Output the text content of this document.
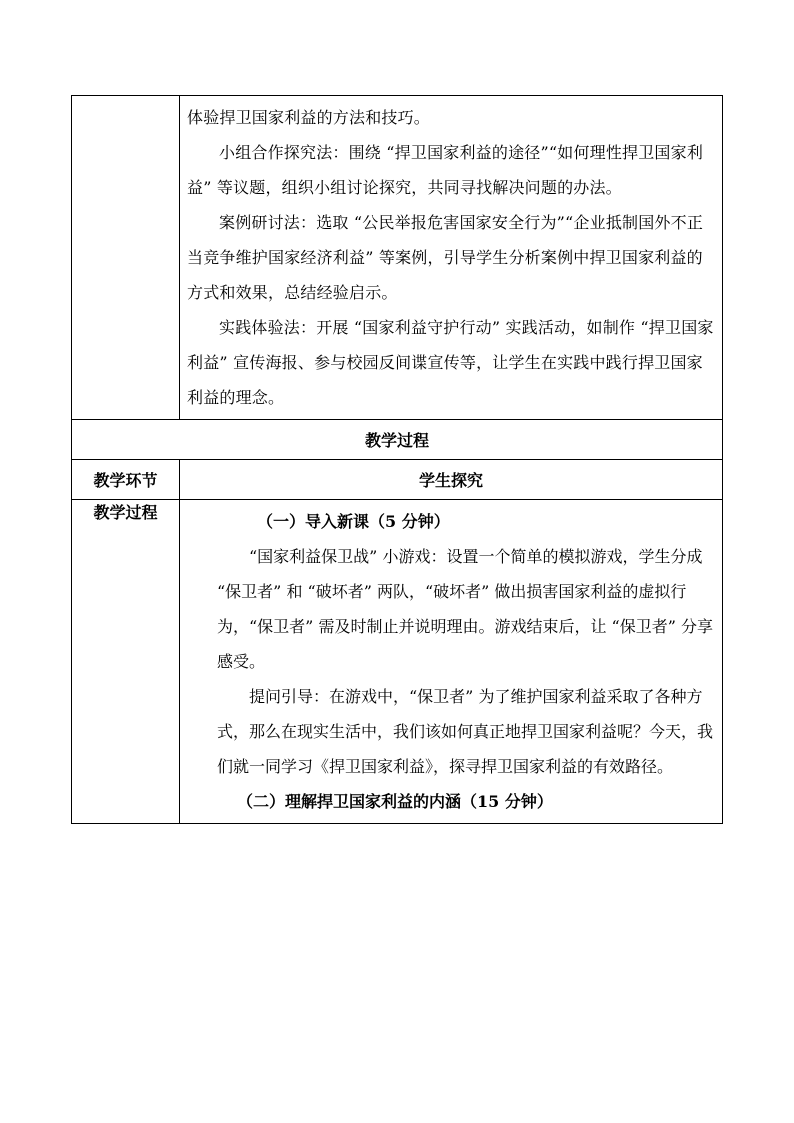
	体验捍卫国家利益的方法和技巧。

小组合作探究法：围绕 “捍卫国家利益的途径”“如何理性捍卫国家利益” 等议题，组织小组讨论探究，共同寻找解决问题的办法。

案例研讨法：选取 “公民举报危害国家安全行为”“企业抵制国外不正当竞争维护国家经济利益” 等案例，引导学生分析案例中捍卫国家利益的方式和效果，总结经验启示。

实践体验法：开展 “国家利益守护行动” 实践活动，如制作 “捍卫国家利益” 宣传海报、参与校园反间谍宣传等，让学生在实践中践行捍卫国家利益的理念。

教学过程	
教学环节	学生探究
教学过程	（一）导入新课（5 分钟）

“国家利益保卫战” 小游戏：设置一个简单的模拟游戏，学生分成 “保卫者” 和 “破坏者” 两队，“破坏者” 做出损害国家利益的虚拟行为，“保卫者” 需及时制止并说明理由。游戏结束后，让 “保卫者” 分享感受。

提问引导：在游戏中，“保卫者” 为了维护国家利益采取了各种方式，那么在现实生活中，我们该如何真正地捍卫国家利益呢？今天，我们就一同学习《捍卫国家利益》，探寻捍卫国家利益的有效路径。

（二）理解捍卫国家利益的内涵（15 分钟）
